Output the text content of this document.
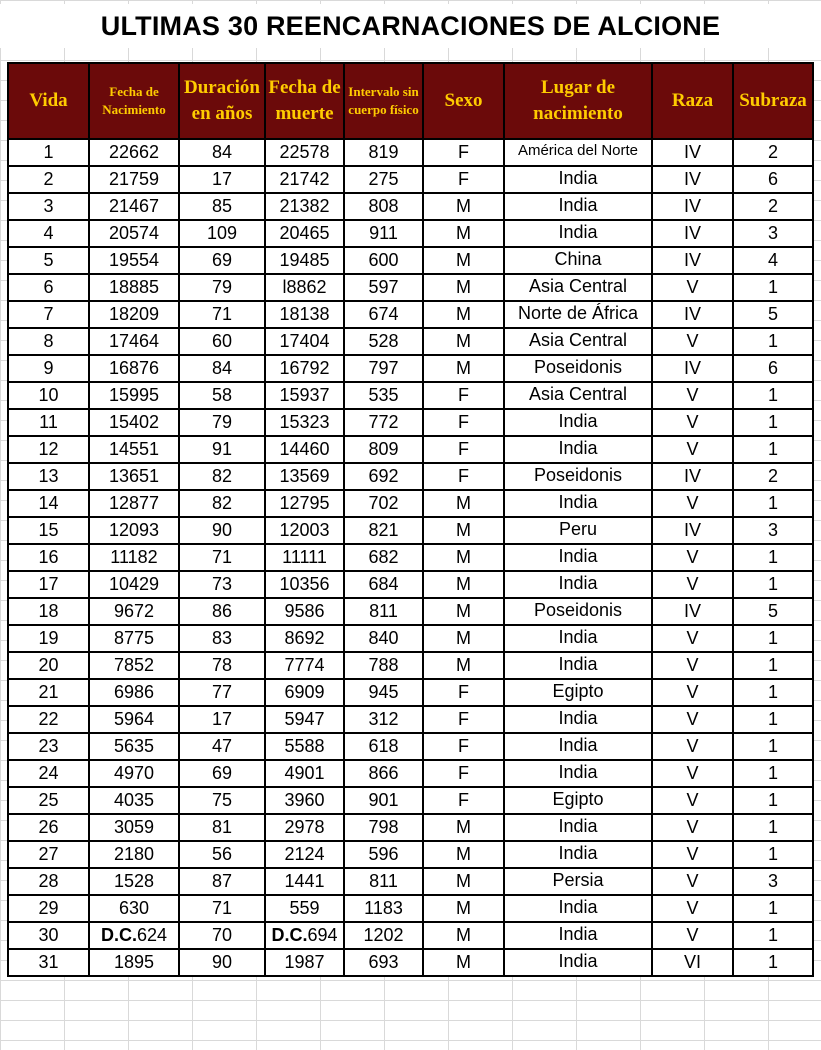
ULTIMAS 30 REENCARNACIONES DE ALCIONE
Vida	Fecha de Nacimiento	Duración en años	Fecha de muerte	Intervalo sin cuerpo físico	Sexo	Lugar de nacimiento	Raza	Subraza
1	22662	84	22578	819	F	América del Norte	IV	2
2	21759	17	21742	275	F	India	IV	6
3	21467	85	21382	808	M	India	IV	2
4	20574	109	20465	911	M	India	IV	3
5	19554	69	19485	600	M	China	IV	4
6	18885	79	l8862	597	M	Asia Central	V	1
7	18209	71	18138	674	M	Norte de África	IV	5
8	17464	60	17404	528	M	Asia Central	V	1
9	16876	84	16792	797	M	Poseidonis	IV	6
10	15995	58	15937	535	F	Asia Central	V	1
11	15402	79	15323	772	F	India	V	1
12	14551	91	14460	809	F	India	V	1
13	13651	82	13569	692	F	Poseidonis	IV	2
14	12877	82	12795	702	M	India	V	1
15	12093	90	12003	821	M	Peru	IV	3
16	11182	71	11111	682	M	India	V	1
17	10429	73	10356	684	M	India	V	1
18	9672	86	9586	811	M	Poseidonis	IV	5
19	8775	83	8692	840	M	India	V	1
20	7852	78	7774	788	M	India	V	1
21	6986	77	6909	945	F	Egipto	V	1
22	5964	17	5947	312	F	India	V	1
23	5635	47	5588	618	F	India	V	1
24	4970	69	4901	866	F	India	V	1
25	4035	75	3960	901	F	Egipto	V	1
26	3059	81	2978	798	M	India	V	1
27	2180	56	2124	596	M	India	V	1
28	1528	87	1441	811	M	Persia	V	3
29	630	71	559	1183	M	India	V	1
30	D.C.624	70	D.C.694	1202	M	India	V	1
31	1895	90	1987	693	M	India	VI	1
